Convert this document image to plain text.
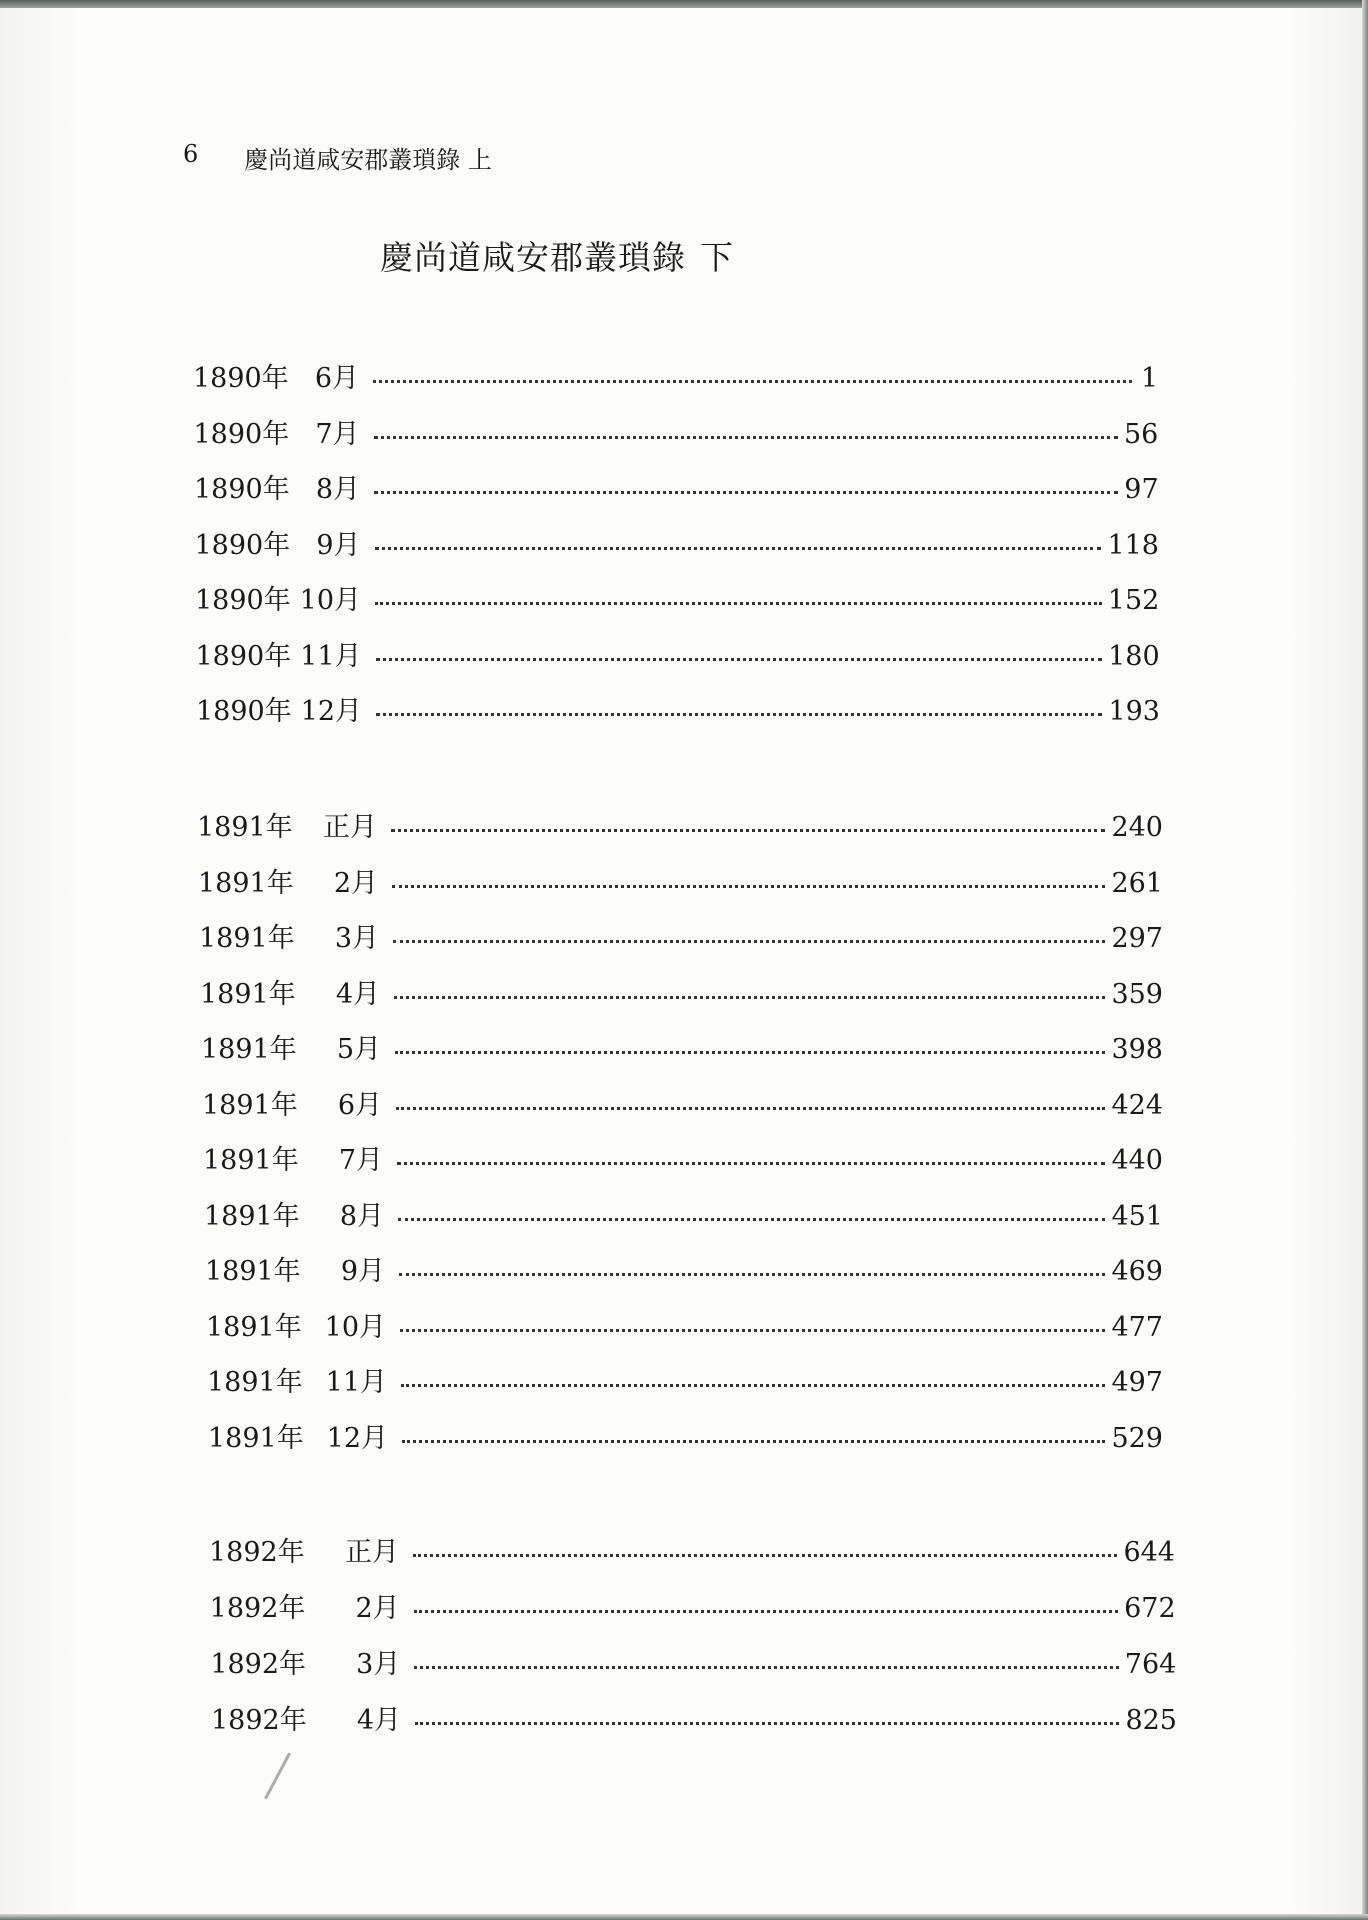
6 慶尚道咸安郡叢瑣錄 上
慶尚道咸安郡叢瑣錄 下
1890年 6月	1
1890年 7月	56
1890年 8月	97
1890年 9月	118
1890年 10月	152
1890年 11月	180
1890年 12月	193
1891年	正月	240
1891年	2月	261
1891年	3月	297
1891年	4月	359
1891年	5月	398
1891年	6月	424
1891年	7月	440
1891年	8月	451
1891年	9月	469
1891年 10月	477
1891年 11月	497
1891年 12月	529
1892年	正月	644
1892年	2月	672
1892年	3月	764
1892年	4月	825
